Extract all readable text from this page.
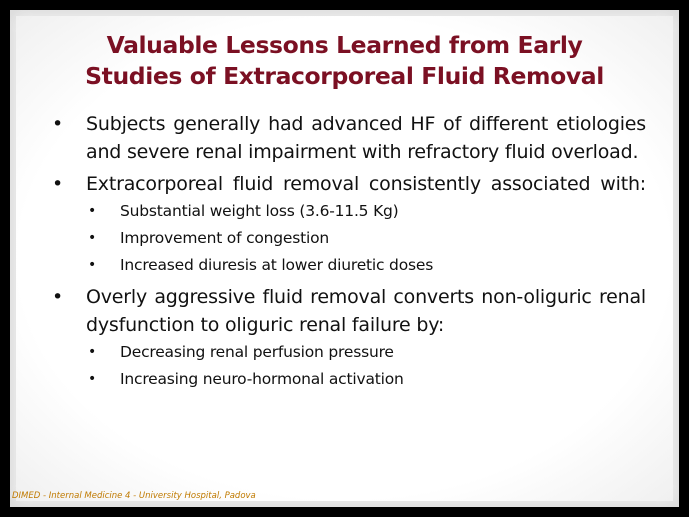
Valuable Lessons Learned from Early
Studies of Extracorporeal Fluid Removal
• Subjects generally had advanced HF of different etiologies and severe renal impairment with refractory fluid overload.
• Extracorporeal fluid removal consistently associated with:
• Substantial weight loss (3.6-11.5 Kg)
• Improvement of congestion
• Increased diuresis at lower diuretic doses
• Overly aggressive fluid removal converts non-oliguric renal dysfunction to oliguric renal failure by:
• Decreasing renal perfusion pressure
• Increasing neuro-hormonal activation
DIMED - Internal Medicine 4 - University Hospital, Padova
